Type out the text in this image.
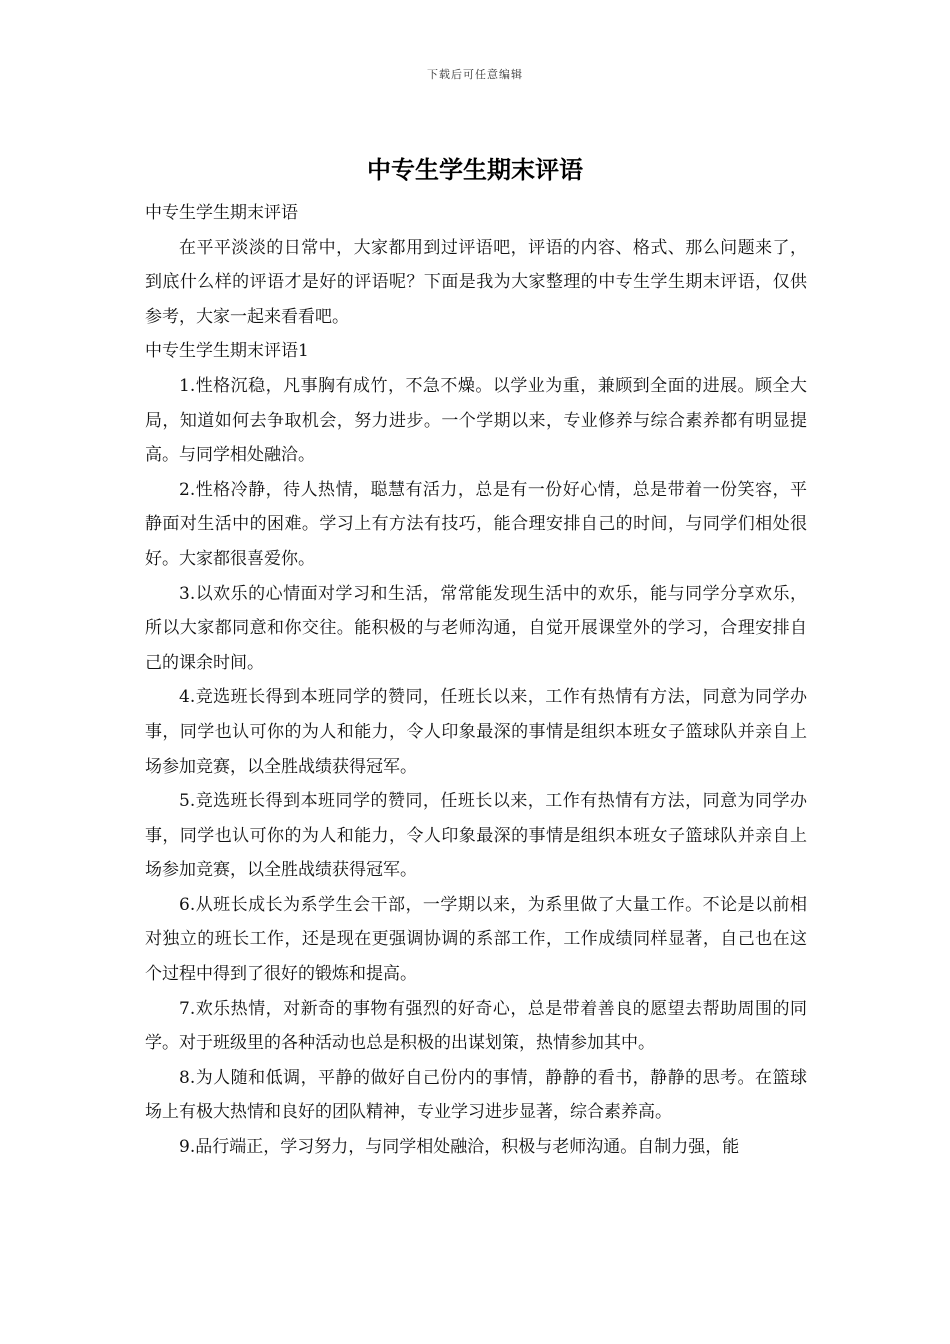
下载后可任意编辑
中专生学生期末评语

中专生学生期末评语

在平平淡淡的日常中，大家都用到过评语吧，评语的内容、格式、那么问题来了，到底什么样的评语才是好的评语呢？下面是我为大家整理的中专生学生期末评语，仅供参考，大家一起来看看吧。

中专生学生期末评语1

1.性格沉稳，凡事胸有成竹，不急不燥。以学业为重，兼顾到全面的进展。顾全大局，知道如何去争取机会，努力进步。一个学期以来，专业修养与综合素养都有明显提高。与同学相处融洽。

2.性格冷静，待人热情，聪慧有活力，总是有一份好心情，总是带着一份笑容，平静面对生活中的困难。学习上有方法有技巧，能合理安排自己的时间，与同学们相处很好。大家都很喜爱你。

3.以欢乐的心情面对学习和生活，常常能发现生活中的欢乐，能与同学分享欢乐，所以大家都同意和你交往。能积极的与老师沟通，自觉开展课堂外的学习，合理安排自己的课余时间。

4.竞选班长得到本班同学的赞同，任班长以来，工作有热情有方法，同意为同学办事，同学也认可你的为人和能力，令人印象最深的事情是组织本班女子篮球队并亲自上场参加竞赛，以全胜战绩获得冠军。

5.竞选班长得到本班同学的赞同，任班长以来，工作有热情有方法，同意为同学办事，同学也认可你的为人和能力，令人印象最深的事情是组织本班女子篮球队并亲自上场参加竞赛，以全胜战绩获得冠军。

6.从班长成长为系学生会干部，一学期以来，为系里做了大量工作。不论是以前相对独立的班长工作，还是现在更强调协调的系部工作，工作成绩同样显著，自己也在这个过程中得到了很好的锻炼和提高。

7.欢乐热情，对新奇的事物有强烈的好奇心，总是带着善良的愿望去帮助周围的同学。对于班级里的各种活动也总是积极的出谋划策，热情参加其中。

8.为人随和低调，平静的做好自己份内的事情，静静的看书，静静的思考。在篮球场上有极大热情和良好的团队精神，专业学习进步显著，综合素养高。

9.品行端正，学习努力，与同学相处融洽，积极与老师沟通。自制力强，能
